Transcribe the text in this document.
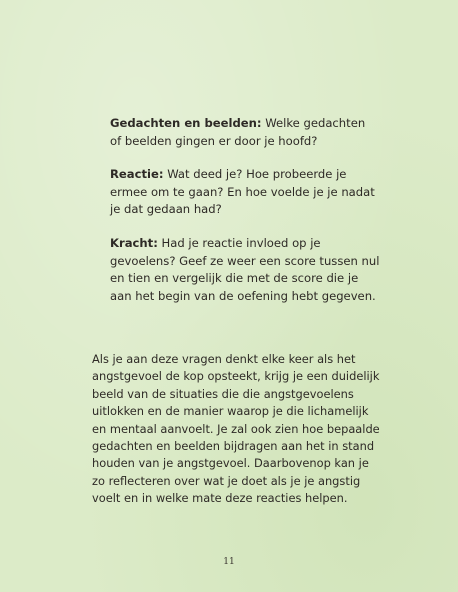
Gedachten en beelden: Welke gedachten of beelden gingen er door je hoofd?

Reactie: Wat deed je? Hoe probeerde je ermee om te gaan? En hoe voelde je je nadat je dat gedaan had?

Kracht: Had je reactie invloed op je gevoelens? Geef ze weer een score tussen nul en tien en vergelijk die met de score die je aan het begin van de oefening hebt gegeven.

Als je aan deze vragen denkt elke keer als het angstgevoel de kop opsteekt, krijg je een duidelijk beeld van de situaties die die angstgevoelens uitlokken en de manier waarop je die lichamelijk en mentaal aanvoelt. Je zal ook zien hoe bepaalde gedachten en beelden bijdragen aan het in stand houden van je angstgevoel. Daarbovenop kan je zo reflecteren over wat je doet als je je angstig voelt en in welke mate deze reacties helpen.

11
